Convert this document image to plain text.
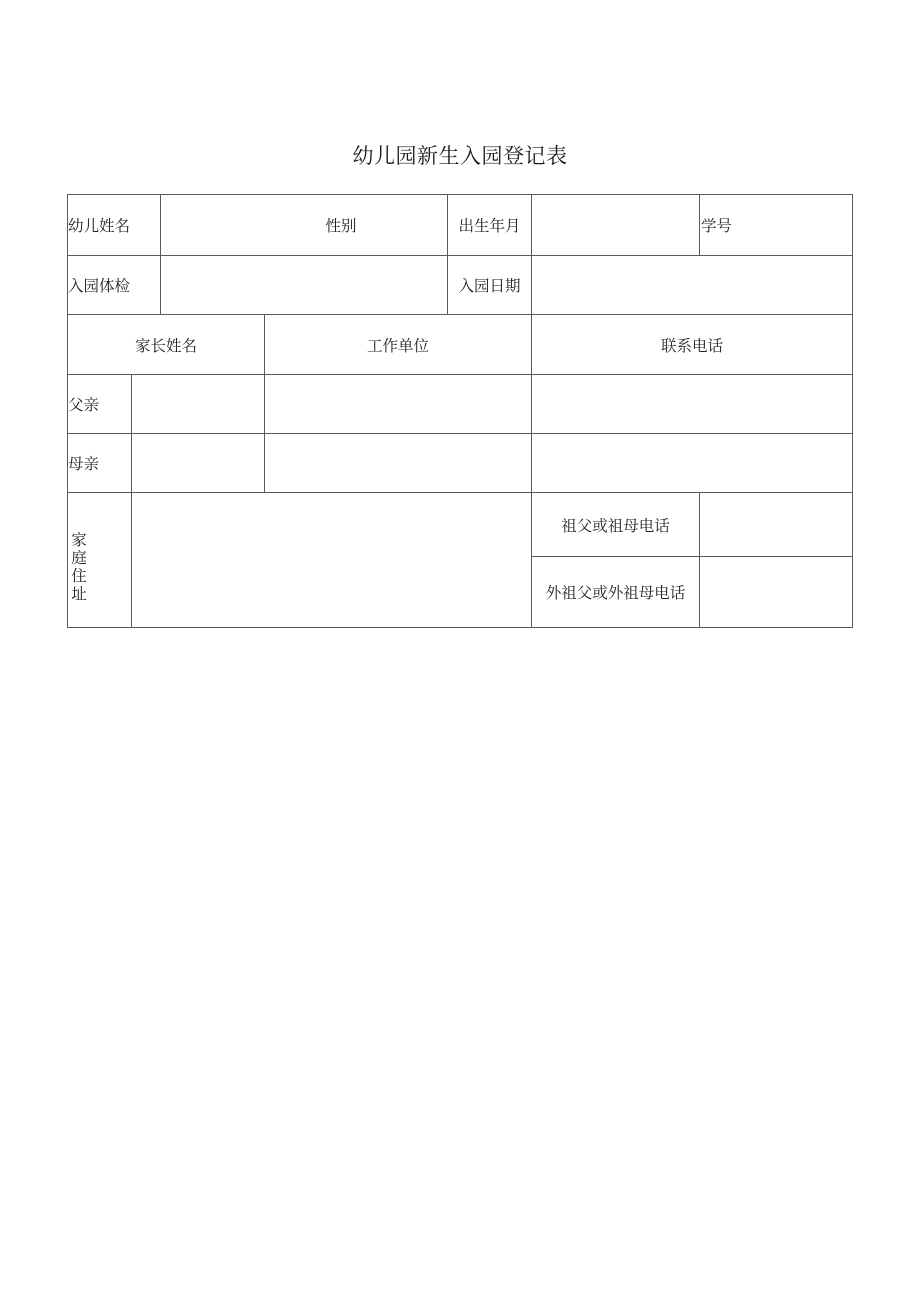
幼儿园新生入园登记表
幼儿姓名	性别	出生年月	学号
入园体检	入园日期
家长姓名	工作单位	联系电话
父亲
母亲
家庭住址
祖父或祖母电话
外祖父或外祖母电话
